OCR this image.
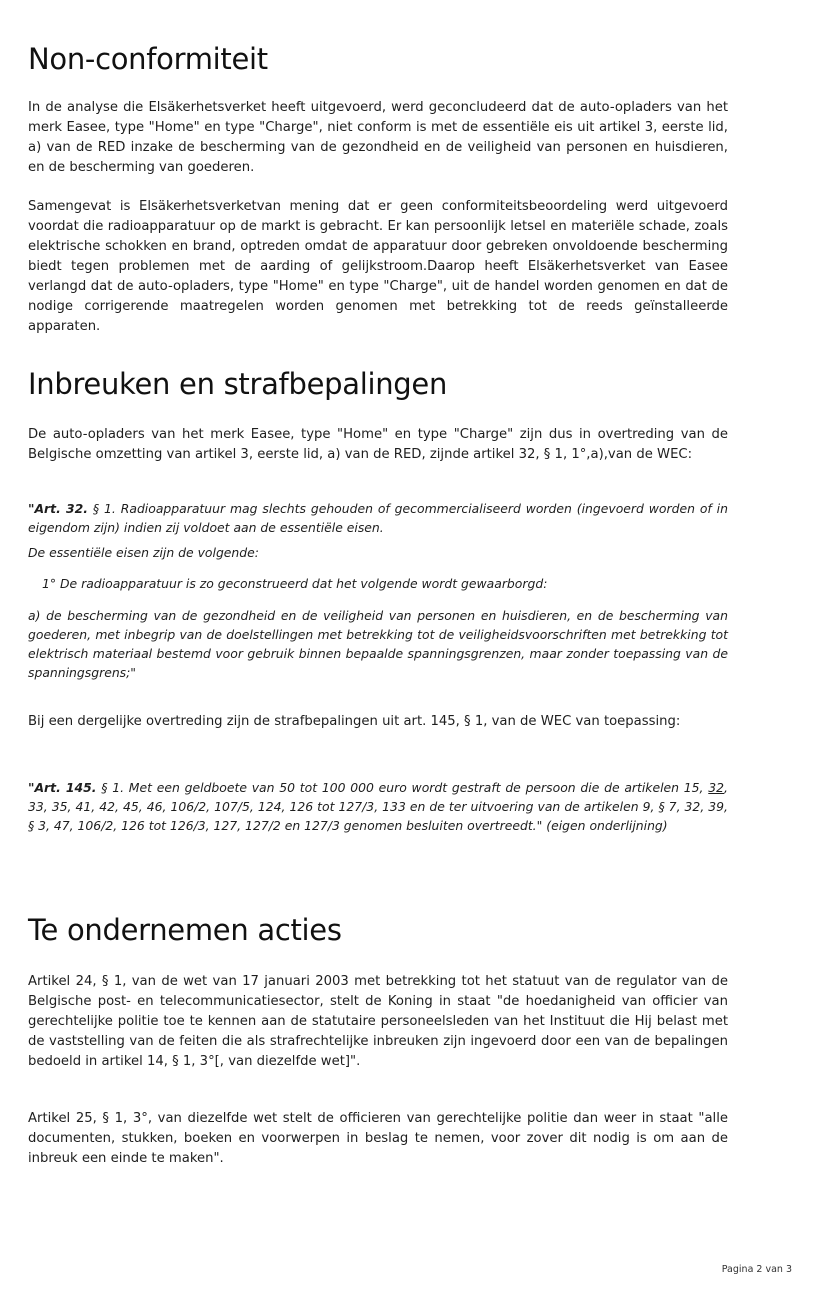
Non-conformiteit

In de analyse die Elsäkerhetsverket heeft uitgevoerd, werd geconcludeerd dat de auto-opladers van het merk Easee, type "Home" en type "Charge", niet conform is met de essentiële eis uit artikel 3, eerste lid, a) van de RED inzake de bescherming van de gezondheid en de veiligheid van personen en huisdieren, en de bescherming van goederen.

Samengevat is Elsäkerhetsverketvan mening dat er geen conformiteitsbeoordeling werd uitgevoerd voordat die radioapparatuur op de markt is gebracht. Er kan persoonlijk letsel en materiële schade, zoals elektrische schokken en brand, optreden omdat de apparatuur door gebreken onvoldoende bescherming biedt tegen problemen met de aarding of gelijkstroom.Daarop heeft Elsäkerhetsverket van Easee verlangd dat de auto-opladers, type "Home" en type "Charge", uit de handel worden genomen en dat de nodige corrigerende maatregelen worden genomen met betrekking tot de reeds geïnstalleerde apparaten.

Inbreuken en strafbepalingen

De auto-opladers van het merk Easee, type "Home" en type "Charge" zijn dus in overtreding van de Belgische omzetting van artikel 3, eerste lid, a) van de RED, zijnde artikel 32, § 1, 1°,a),van de WEC:

"Art. 32. § 1. Radioapparatuur mag slechts gehouden of gecommercialiseerd worden (ingevoerd worden of in eigendom zijn) indien zij voldoet aan de essentiële eisen.

De essentiële eisen zijn de volgende:

1° De radioapparatuur is zo geconstrueerd dat het volgende wordt gewaarborgd:

a) de bescherming van de gezondheid en de veiligheid van personen en huisdieren, en de bescherming van goederen, met inbegrip van de doelstellingen met betrekking tot de veiligheidsvoorschriften met betrekking tot elektrisch materiaal bestemd voor gebruik binnen bepaalde spanningsgrenzen, maar zonder toepassing van de spanningsgrens;"

Bij een dergelijke overtreding zijn de strafbepalingen uit art. 145, § 1, van de WEC van toepassing:

"Art. 145. § 1. Met een geldboete van 50 tot 100 000 euro wordt gestraft de persoon die de artikelen 15, 32, 33, 35, 41, 42, 45, 46, 106/2, 107/5, 124, 126 tot 127/3, 133 en de ter uitvoering van de artikelen 9, § 7, 32, 39, § 3, 47, 106/2, 126 tot 126/3, 127, 127/2 en 127/3 genomen besluiten overtreedt." (eigen onderlijning)

Te ondernemen acties

Artikel 24, § 1, van de wet van 17 januari 2003 met betrekking tot het statuut van de regulator van de Belgische post- en telecommunicatiesector, stelt de Koning in staat "de hoedanigheid van officier van gerechtelijke politie toe te kennen aan de statutaire personeelsleden van het Instituut die Hij belast met de vaststelling van de feiten die als strafrechtelijke inbreuken zijn ingevoerd door een van de bepalingen bedoeld in artikel 14, § 1, 3°[, van diezelfde wet]".

Artikel 25, § 1, 3°, van diezelfde wet stelt de officieren van gerechtelijke politie dan weer in staat "alle documenten, stukken, boeken en voorwerpen in beslag te nemen, voor zover dit nodig is om aan de inbreuk een einde te maken".

Pagina 2 van 3
